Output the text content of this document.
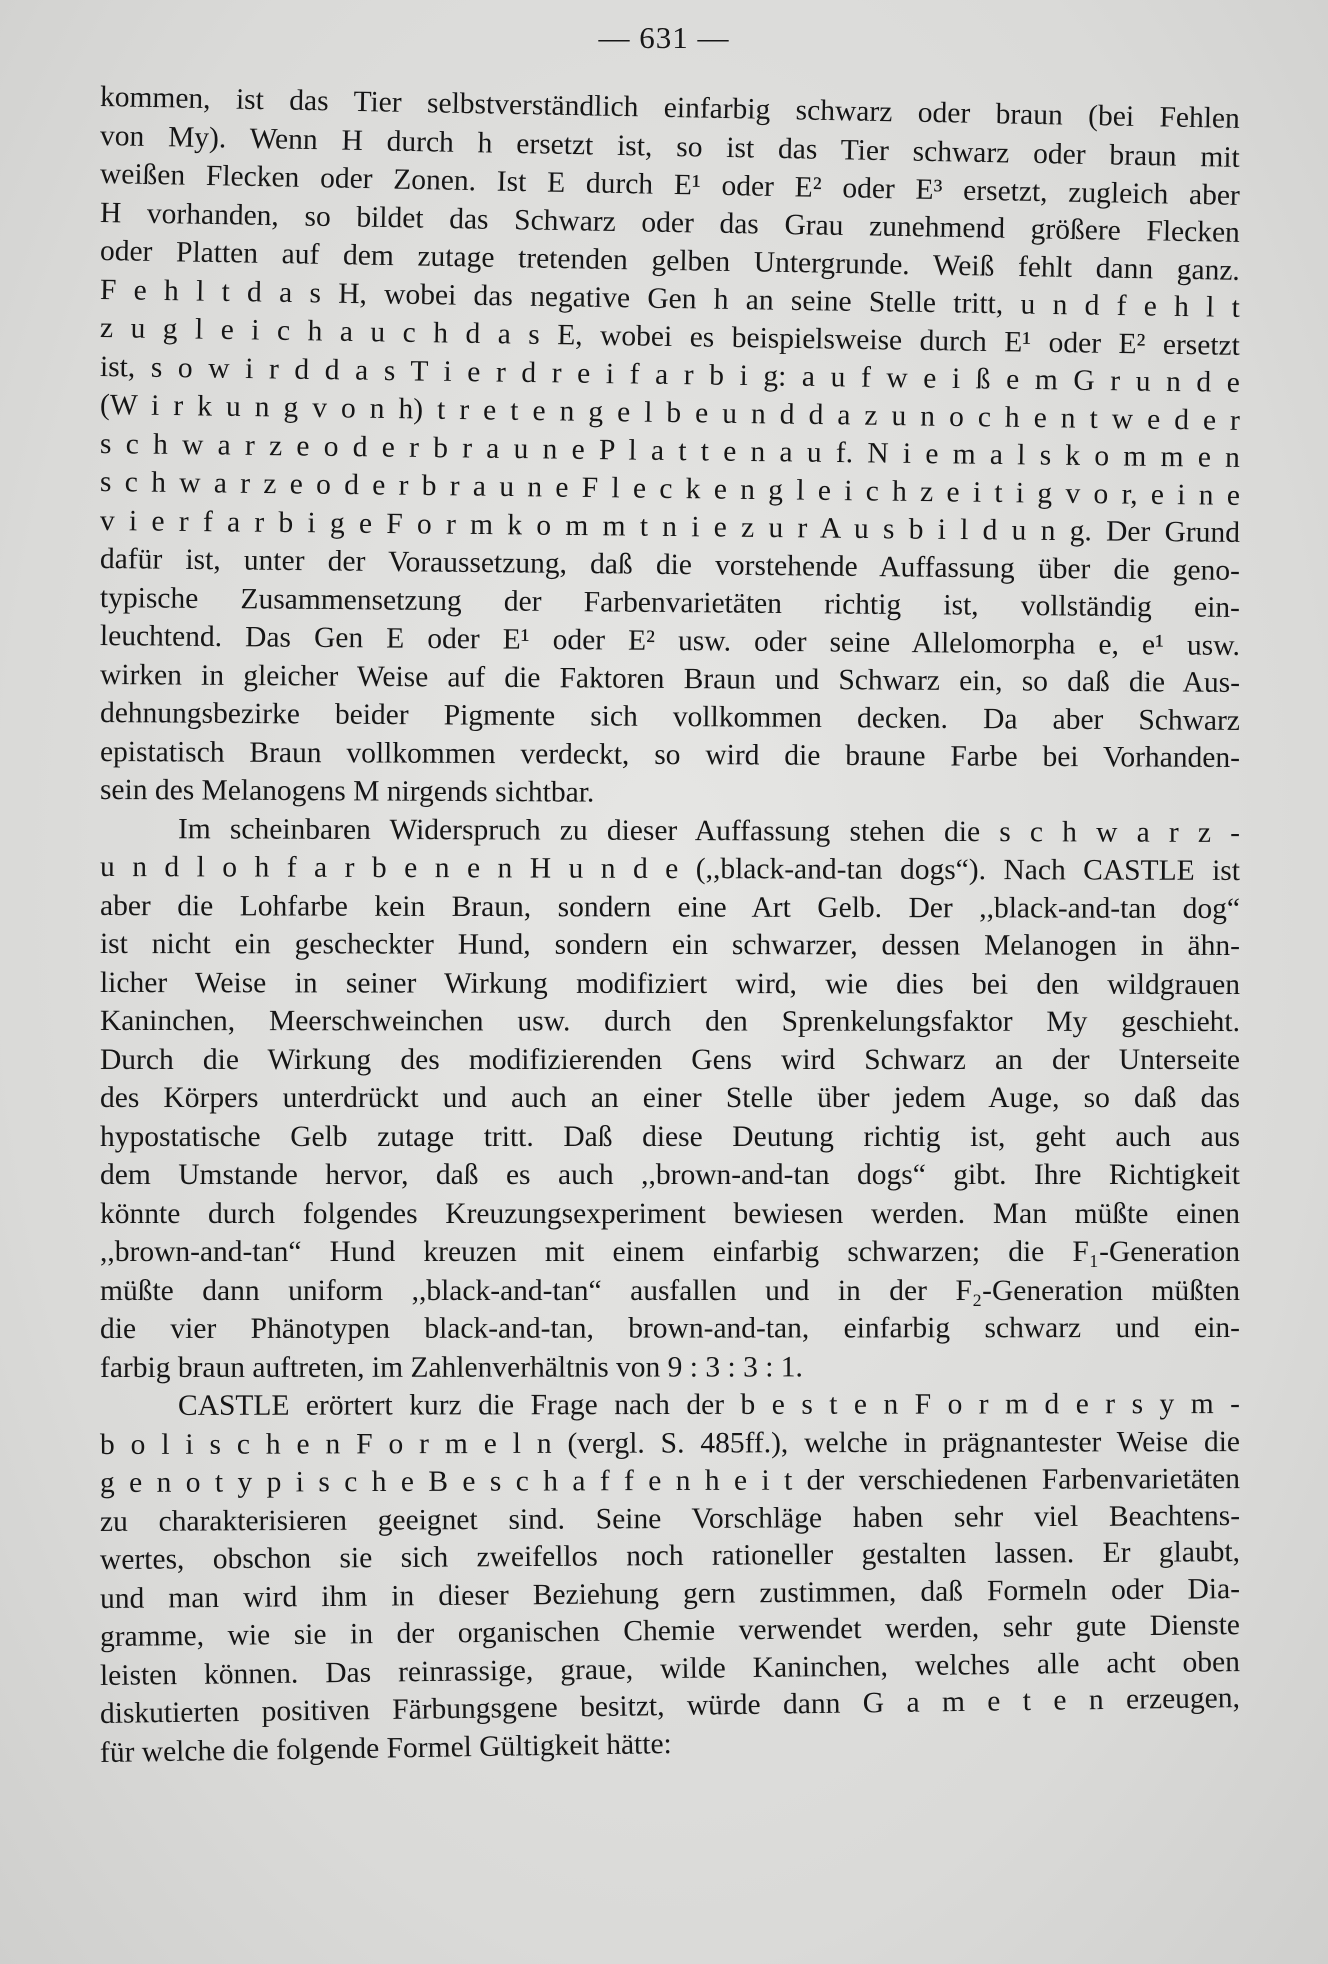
— 631 —
kommen, ist das Tier selbstverständlich einfarbig schwarz oder braun (bei Fehlen
von My). Wenn H durch h ersetzt ist, so ist das Tier schwarz oder braun mit
weißen Flecken oder Zonen. Ist E durch E¹ oder E² oder E³ ersetzt, zugleich aber
H vorhanden, so bildet das Schwarz oder das Grau zunehmend größere Flecken
oder Platten auf dem zutage tretenden gelben Untergrunde. Weiß fehlt dann ganz.
F e h l t d a s H, wobei das negative Gen h an seine Stelle tritt, u n d f e h l t
z u g l e i c h a u c h d a s E, wobei es beispielsweise durch E¹ oder E² ersetzt
ist, s o w i r d d a s T i e r d r e i f a r b i g: a u f w e i ß e m G r u n d e
(W i r k u n g v o n h) t r e t e n g e l b e u n d d a z u n o c h e n t w e d e r
s c h w a r z e o d e r b r a u n e P l a t t e n a u f. N i e m a l s k o m m e n
s c h w a r z e o d e r b r a u n e F l e c k e n g l e i c h z e i t i g v o r, e i n e
v i e r f a r b i g e F o r m k o m m t n i e z u r A u s b i l d u n g. Der Grund
dafür ist, unter der Voraussetzung, daß die vorstehende Auffassung über die geno-
typische Zusammensetzung der Farbenvarietäten richtig ist, vollständig ein-
leuchtend. Das Gen E oder E¹ oder E² usw. oder seine Allelomorpha e, e¹ usw.
wirken in gleicher Weise auf die Faktoren Braun und Schwarz ein, so daß die Aus-
dehnungsbezirke beider Pigmente sich vollkommen decken. Da aber Schwarz
epistatisch Braun vollkommen verdeckt, so wird die braune Farbe bei Vorhanden-
sein des Melanogens M nirgends sichtbar.
Im scheinbaren Widerspruch zu dieser Auffassung stehen die s c h w a r z -
u n d l o h f a r b e n e n H u n d e (,,black-and-tan dogs“). Nach CASTLE ist
aber die Lohfarbe kein Braun, sondern eine Art Gelb. Der ,,black-and-tan dog“
ist nicht ein gescheckter Hund, sondern ein schwarzer, dessen Melanogen in ähn-
licher Weise in seiner Wirkung modifiziert wird, wie dies bei den wildgrauen
Kaninchen, Meerschweinchen usw. durch den Sprenkelungsfaktor My geschieht.
Durch die Wirkung des modifizierenden Gens wird Schwarz an der Unterseite
des Körpers unterdrückt und auch an einer Stelle über jedem Auge, so daß das
hypostatische Gelb zutage tritt. Daß diese Deutung richtig ist, geht auch aus
dem Umstande hervor, daß es auch ,,brown-and-tan dogs“ gibt. Ihre Richtigkeit
könnte durch folgendes Kreuzungsexperiment bewiesen werden. Man müßte einen
,,brown-and-tan“ Hund kreuzen mit einem einfarbig schwarzen; die F₁-Generation
müßte dann uniform ,,black-and-tan“ ausfallen und in der F₂-Generation müßten
die vier Phänotypen black-and-tan, brown-and-tan, einfarbig schwarz und ein-
farbig braun auftreten, im Zahlenverhältnis von 9 : 3 : 3 : 1.
CASTLE erörtert kurz die Frage nach der b e s t e n F o r m d e r s y m -
b o l i s c h e n F o r m e l n (vergl. S. 485ff.), welche in prägnantester Weise die
g e n o t y p i s c h e B e s c h a f f e n h e i t der verschiedenen Farbenvarietäten
zu charakterisieren geeignet sind. Seine Vorschläge haben sehr viel Beachtens-
wertes, obschon sie sich zweifellos noch rationeller gestalten lassen. Er glaubt,
und man wird ihm in dieser Beziehung gern zustimmen, daß Formeln oder Dia-
gramme, wie sie in der organischen Chemie verwendet werden, sehr gute Dienste
leisten können. Das reinrassige, graue, wilde Kaninchen, welches alle acht oben
diskutierten positiven Färbungsgene besitzt, würde dann G a m e t e n erzeugen,
für welche die folgende Formel Gültigkeit hätte:
